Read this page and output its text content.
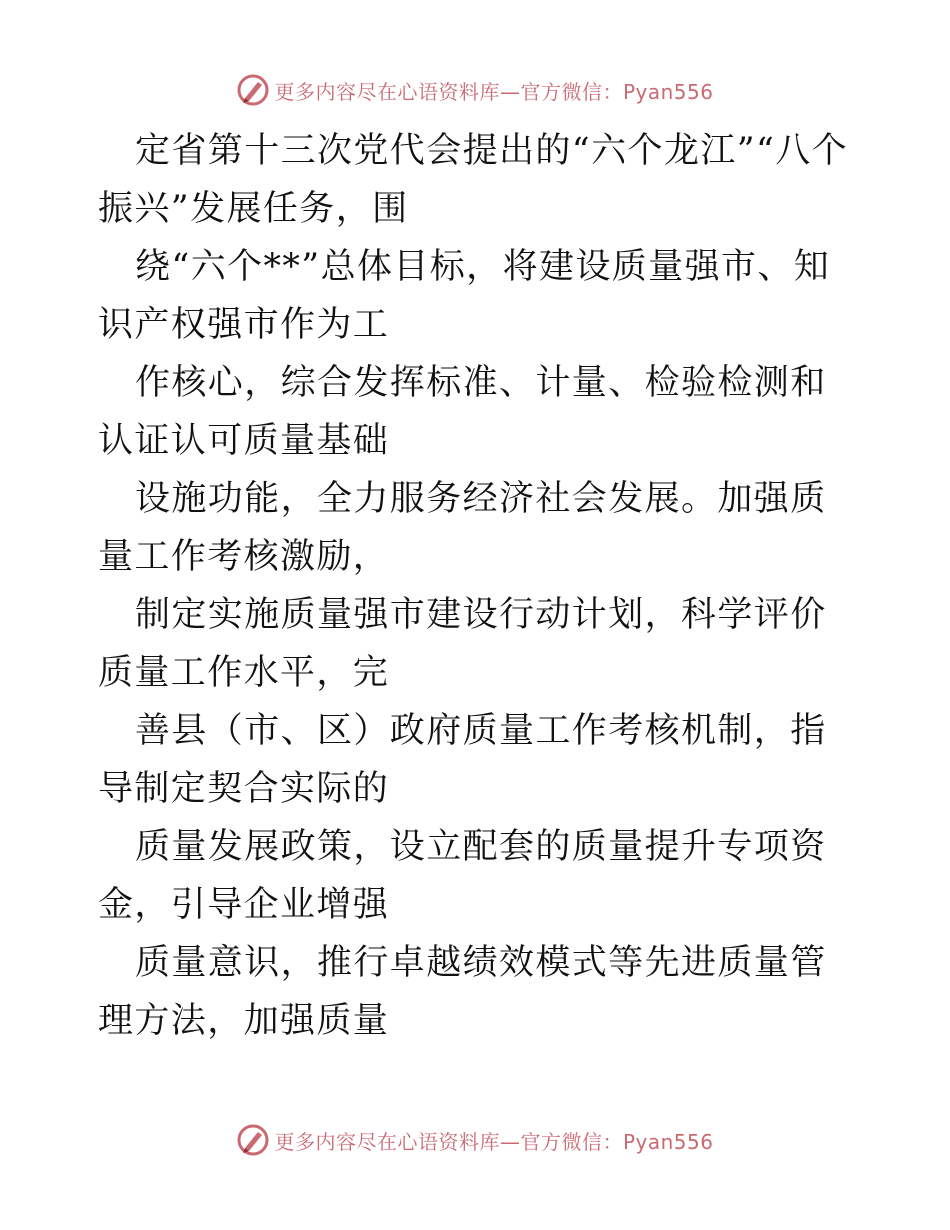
更多内容尽在心语资料库—官方微信：Pyan556

定省第十三次党代会提出的“六个龙江”“八个振兴”发展任务，围

绕“六个**”总体目标，将建设质量强市、知识产权强市作为工

作核心，综合发挥标准、计量、检验检测和认证认可质量基础

设施功能，全力服务经济社会发展。加强质量工作考核激励，

制定实施质量强市建设行动计划，科学评价质量工作水平，完

善县（市、区）政府质量工作考核机制，指导制定契合实际的

质量发展政策，设立配套的质量提升专项资金，引导企业增强

质量意识，推行卓越绩效模式等先进质量管理方法，加强质量

更多内容尽在心语资料库—官方微信：Pyan556
